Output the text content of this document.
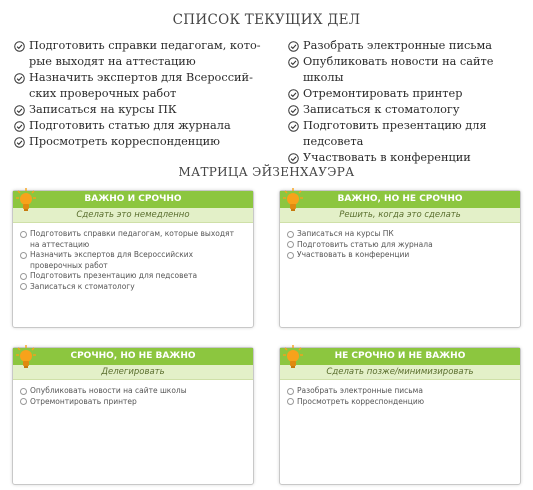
СПИСОК ТЕКУЩИХ ДЕЛ
Подготовить справки педагогам, кото-рые выходят на аттестацию
Назначить экспертов для Всероссий-ских проверочных работ
Записаться на курсы ПК
Подготовить статью для журнала
Просмотреть корреспонденцию
Разобрать электронные письма
Опубликовать новости на сайте школы
Отремонтировать принтер
Записаться к стоматологу
Подготовить презентацию для педсовета
Участвовать в конференции
МАТРИЦА ЭЙЗЕНХАУЭРА
ВАЖНО И СРОЧНО
Сделать это немедленно
Подготовить справки педагогам, которые выходят на аттестацию
Назначить экспертов для Всероссийских проверочных работ
Подготовить презентацию для педсовета
Записаться к стоматологу
ВАЖНО, НО НЕ СРОЧНО
Решить, когда это сделать
Записаться на курсы ПК
Подготовить статью для журнала
Участвовать в конференции
СРОЧНО, НО НЕ ВАЖНО
Делегировать
Опубликовать новости на сайте школы
Отремонтировать принтер
НЕ СРОЧНО И НЕ ВАЖНО
Сделать позже/минимизировать
Разобрать электронные письма
Просмотреть корреспонденцию
